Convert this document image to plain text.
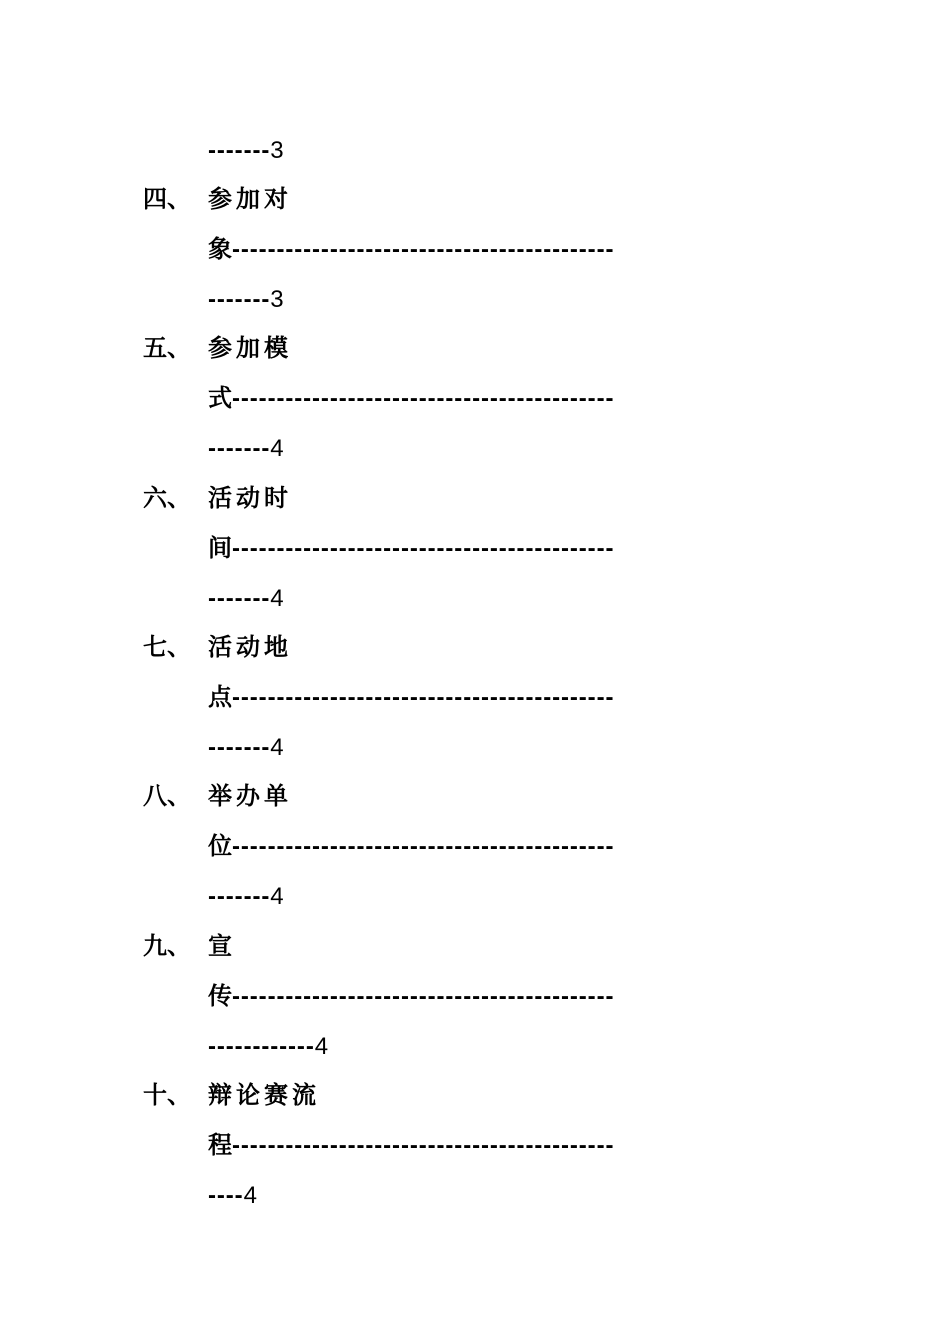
-------3
四、 参加对
象-------------------------------------------
-------3
五、 参加模
式-------------------------------------------
-------4
六、 活动时
间-------------------------------------------
-------4
七、 活动地
点-------------------------------------------
-------4
八、 举办单
位-------------------------------------------
-------4
九、 宣
传-------------------------------------------
------------4
十、 辩论赛流
程-------------------------------------------
----4
